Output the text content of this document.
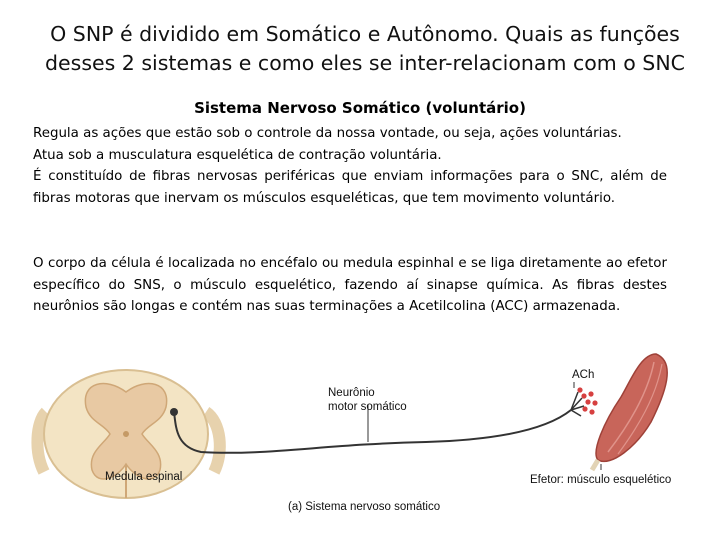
O SNP é dividido em Somático e Autônomo. Quais as funções
desses 2 sistemas e como eles se inter-relacionam com o SNC
Sistema Nervoso Somático (voluntário)
Regula as ações que estão sob o controle da nossa vontade, ou seja, ações voluntárias.
Atua sob a musculatura esquelética de contração voluntária.
É constituído de fibras nervosas periféricas que enviam informações para o SNC, além de fibras motoras que inervam os músculos esqueléticas, que tem movimento voluntário.
O corpo da célula é localizada no encéfalo ou medula espinhal e se liga diretamente ao efetor específico do SNS, o músculo esquelético, fazendo aí sinapse química. As fibras destes neurônios são longas e contém nas suas terminações a Acetilcolina (ACC) armazenada.
Neurônio
motor somático
ACh
Medula espinal	Efetor: músculo esquelético
(a) Sistema nervoso somático
